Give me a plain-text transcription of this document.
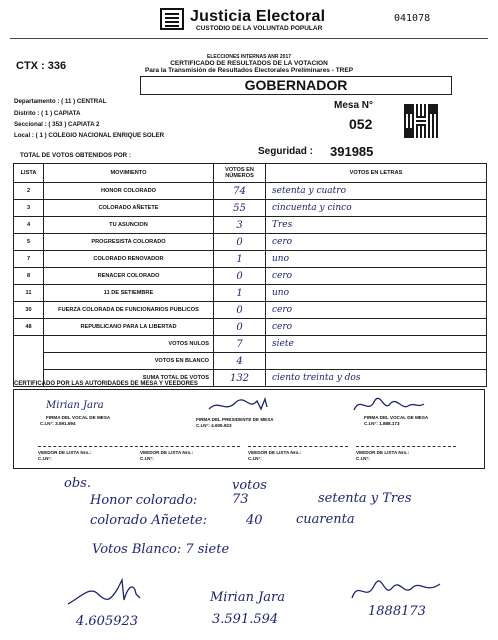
Justicia Electoral
CUSTODIO DE LA VOLUNTAD POPULAR
041078
ELECCIONES INTERNAS ANR 2017
CTX : 336	CERTIFICADO DE RESULTADOS DE LA VOTACION
Para la Transmisión de Resultados Electorales Preliminares - TREP
GOBERNADOR
Departamento : ( 11 ) CENTRAL
Distrito : ( 1 ) CAPIATA
Seccional : ( 353 ) CAPIATA 2
Local : ( 1 ) COLEGIO NACIONAL ENRIQUE SOLER
Mesa N°
052
TOTAL DE VOTOS OBTENIDOS POR :	Seguridad : 391985
LISTA	MOVIMIENTO	VOTOS EN NÚMEROS	VOTOS EN LETRAS
2	HONOR COLORADO	74	setenta y cuatro
3	COLORADO AÑETETE	55	cincuenta y cinco
4	TU ASUNCION	3	Tres
5	PROGRESISTA COLORADO	0	cero
7	COLORADO RENOVADOR	1	uno
8	RENACER COLORADO	0	cero
11	11 DE SETIEMBRE	1	uno
30	FUERZA COLORADA DE FUNCIONARIOS PUBLICOS	0	cero
48	REPUBLICANO PARA LA LIBERTAD	0	cero
	VOTOS NULOS	7	siete
	VOTOS EN BLANCO	4	
	SUMA TOTAL DE VOTOS	132	ciento treinta y dos
CERTIFICADO POR LAS AUTORIDADES DE MESA Y VEEDORES
Mirian Jara
FIRMA DEL VOCAL DE MESA
C.I.N°: 3.591.594
FIRMA DEL PRESIDENTE DE MESA
C.I.N°: 4.605.923
FIRMA DEL VOCAL DE MESA
C.I.N°: 1.888.173
VEEDOR DE LISTA Nro.:
C.I.N°:
VEEDOR DE LISTA Nro.:
C.I.N°:
VEEDOR DE LISTA Nro.:
C.I.N°:
VEEDOR DE LISTA Nro.:
C.I.N°:
obs.	votos
Honor colorado:	73	setenta y Tres
colorado Añetete:	40	cuarenta
Votos Blanco: 7 siete
4.605923
Mirian Jara
3.591.594
1888173
